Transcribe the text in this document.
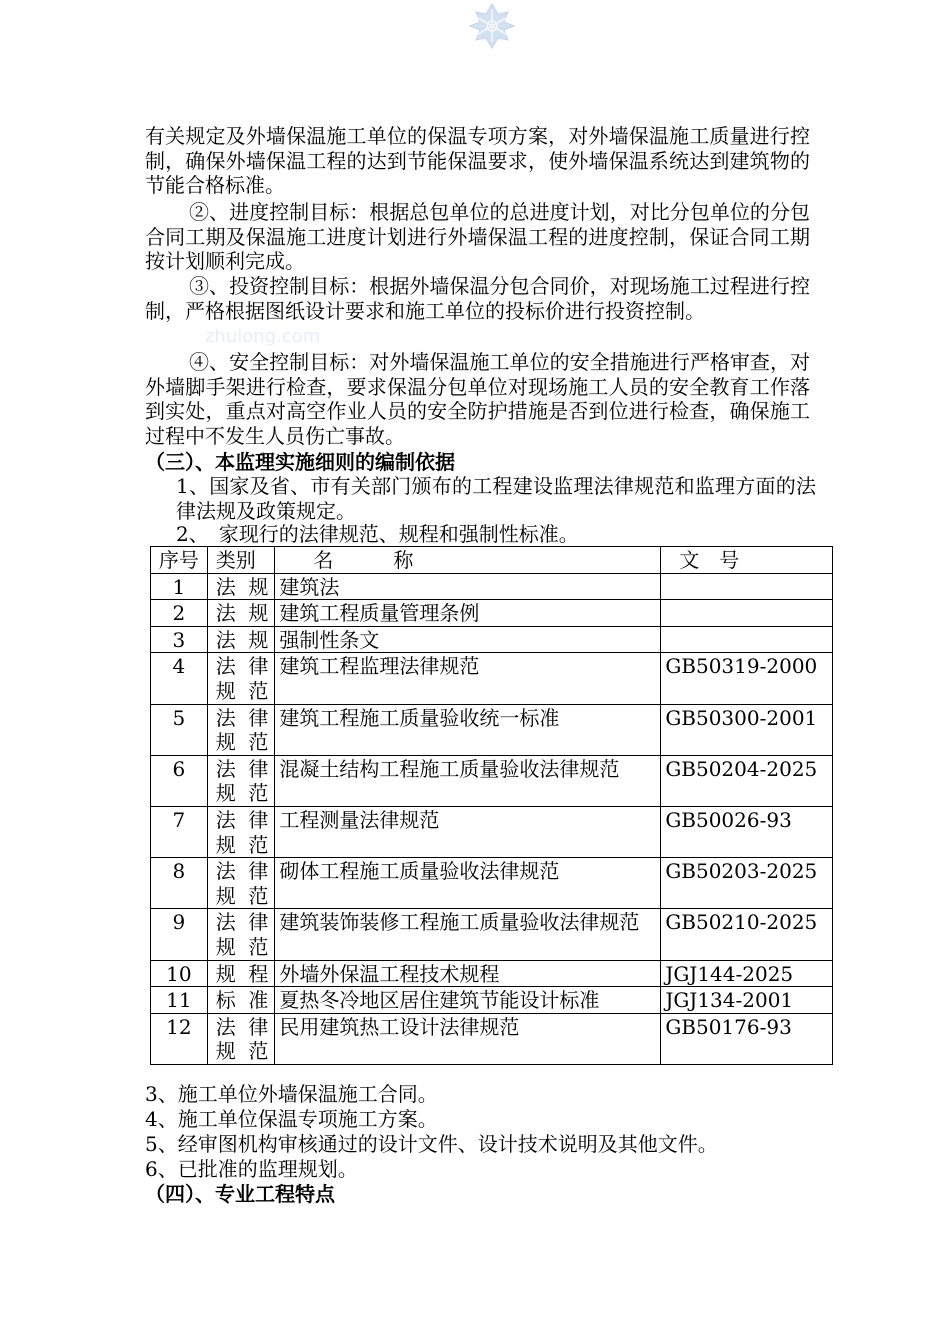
zhulong.com

有关规定及外墙保温施工单位的保温专项方案，对外墙保温施工质量进行控制，确保外墙保温工程的达到节能保温要求，使外墙保温系统达到建筑物的节能合格标准。

②、进度控制目标：根据总包单位的总进度计划，对比分包单位的分包合同工期及保温施工进度计划进行外墙保温工程的进度控制，保证合同工期按计划顺利完成。

③、投资控制目标：根据外墙保温分包合同价，对现场施工过程进行控制，严格根据图纸设计要求和施工单位的投标价进行投资控制。

④、安全控制目标：对外墙保温施工单位的安全措施进行严格审查，对外墙脚手架进行检查，要求保温分包单位对现场施工人员的安全教育工作落到实处，重点对高空作业人员的安全防护措施是否到位进行检查，确保施工过程中不发生人员伤亡事故。

（三）、本监理实施细则的编制依据

1、国家及省、市有关部门颁布的工程建设监理法律规范和监理方面的法律法规及政策规定。

2、　家现行的法律规范、规程和强制性标准。

序号	类别	名　　　称	文　号
1	法规	建筑法	
2	法规	建筑工程质量管理条例	
3	法规	强制性条文	
4	法律规范	建筑工程监理法律规范	GB50319-2000
5	法律规范	建筑工程施工质量验收统一标准	GB50300-2001
6	法律规范	混凝土结构工程施工质量验收法律规范	GB50204-2025
7	法律规范	工程测量法律规范	GB50026-93
8	法律规范	砌体工程施工质量验收法律规范	GB50203-2025
9	法律规范	建筑装饰装修工程施工质量验收法律规范	GB50210-2025
10	规程	外墙外保温工程技术规程	JGJ144-2025
11	标准	夏热冬冷地区居住建筑节能设计标准	JGJ134-2001
12	法律规范	民用建筑热工设计法律规范	GB50176-93

3、施工单位外墙保温施工合同。

4、施工单位保温专项施工方案。

5、经审图机构审核通过的设计文件、设计技术说明及其他文件。

6、已批准的监理规划。

（四）、专业工程特点
